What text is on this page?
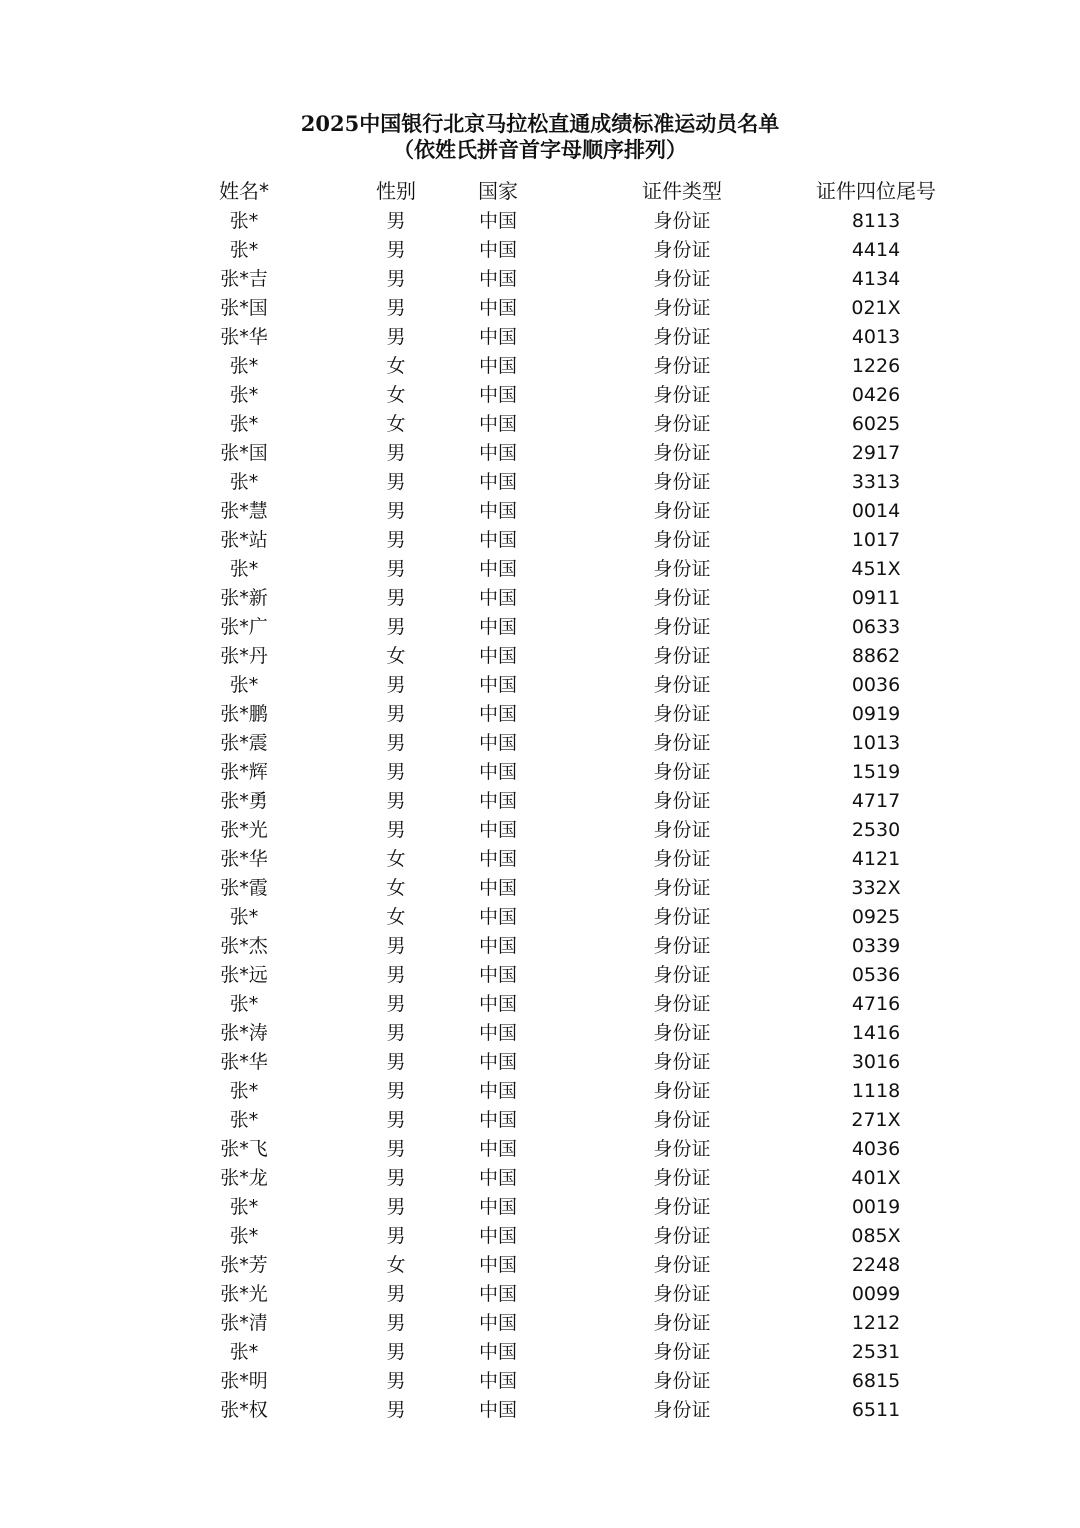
2025中国银行北京马拉松直通成绩标准运动员名单
（依姓氏拼音首字母顺序排列）
姓名*	性别	国家	证件类型	证件四位尾号
张*	男	中国	身份证	8113
张*	男	中国	身份证	4414
张*吉	男	中国	身份证	4134
张*国	男	中国	身份证	021X
张*华	男	中国	身份证	4013
张*	女	中国	身份证	1226
张*	女	中国	身份证	0426
张*	女	中国	身份证	6025
张*国	男	中国	身份证	2917
张*	男	中国	身份证	3313
张*慧	男	中国	身份证	0014
张*站	男	中国	身份证	1017
张*	男	中国	身份证	451X
张*新	男	中国	身份证	0911
张*广	男	中国	身份证	0633
张*丹	女	中国	身份证	8862
张*	男	中国	身份证	0036
张*鹏	男	中国	身份证	0919
张*震	男	中国	身份证	1013
张*辉	男	中国	身份证	1519
张*勇	男	中国	身份证	4717
张*光	男	中国	身份证	2530
张*华	女	中国	身份证	4121
张*霞	女	中国	身份证	332X
张*	女	中国	身份证	0925
张*杰	男	中国	身份证	0339
张*远	男	中国	身份证	0536
张*	男	中国	身份证	4716
张*涛	男	中国	身份证	1416
张*华	男	中国	身份证	3016
张*	男	中国	身份证	1118
张*	男	中国	身份证	271X
张*飞	男	中国	身份证	4036
张*龙	男	中国	身份证	401X
张*	男	中国	身份证	0019
张*	男	中国	身份证	085X
张*芳	女	中国	身份证	2248
张*光	男	中国	身份证	0099
张*清	男	中国	身份证	1212
张*	男	中国	身份证	2531
张*明	男	中国	身份证	6815
张*权	男	中国	身份证	6511
